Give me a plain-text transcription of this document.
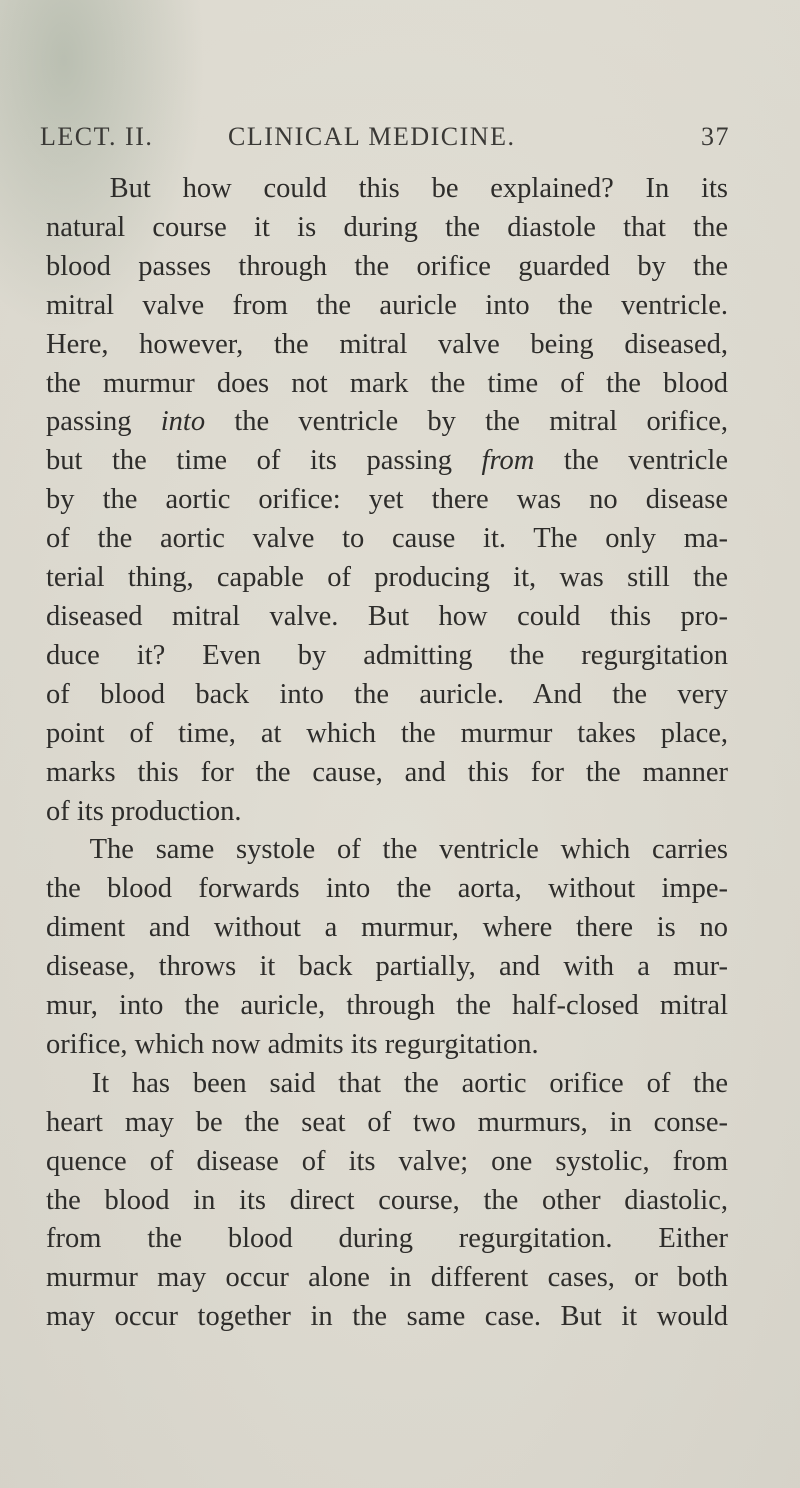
LECT. II.	CLINICAL MEDICINE.	37

But how could this be explained? In its
natural course it is during the diastole that the
blood passes through the orifice guarded by the
mitral valve from the auricle into the ventricle.
Here, however, the mitral valve being diseased,
the murmur does not mark the time of the blood
passing into the ventricle by the mitral orifice,
but the time of its passing from the ventricle
by the aortic orifice: yet there was no disease
of the aortic valve to cause it. The only ma-
terial thing, capable of producing it, was still the
diseased mitral valve. But how could this pro-
duce it? Even by admitting the regurgitation
of blood back into the auricle. And the very
point of time, at which the murmur takes place,
marks this for the cause, and this for the manner
of its production.
The same systole of the ventricle which carries
the blood forwards into the aorta, without impe-
diment and without a murmur, where there is no
disease, throws it back partially, and with a mur-
mur, into the auricle, through the half-closed mitral
orifice, which now admits its regurgitation.
It has been said that the aortic orifice of the
heart may be the seat of two murmurs, in conse-
quence of disease of its valve; one systolic, from
the blood in its direct course, the other diastolic,
from the blood during regurgitation. Either
murmur may occur alone in different cases, or both
may occur together in the same case. But it would
